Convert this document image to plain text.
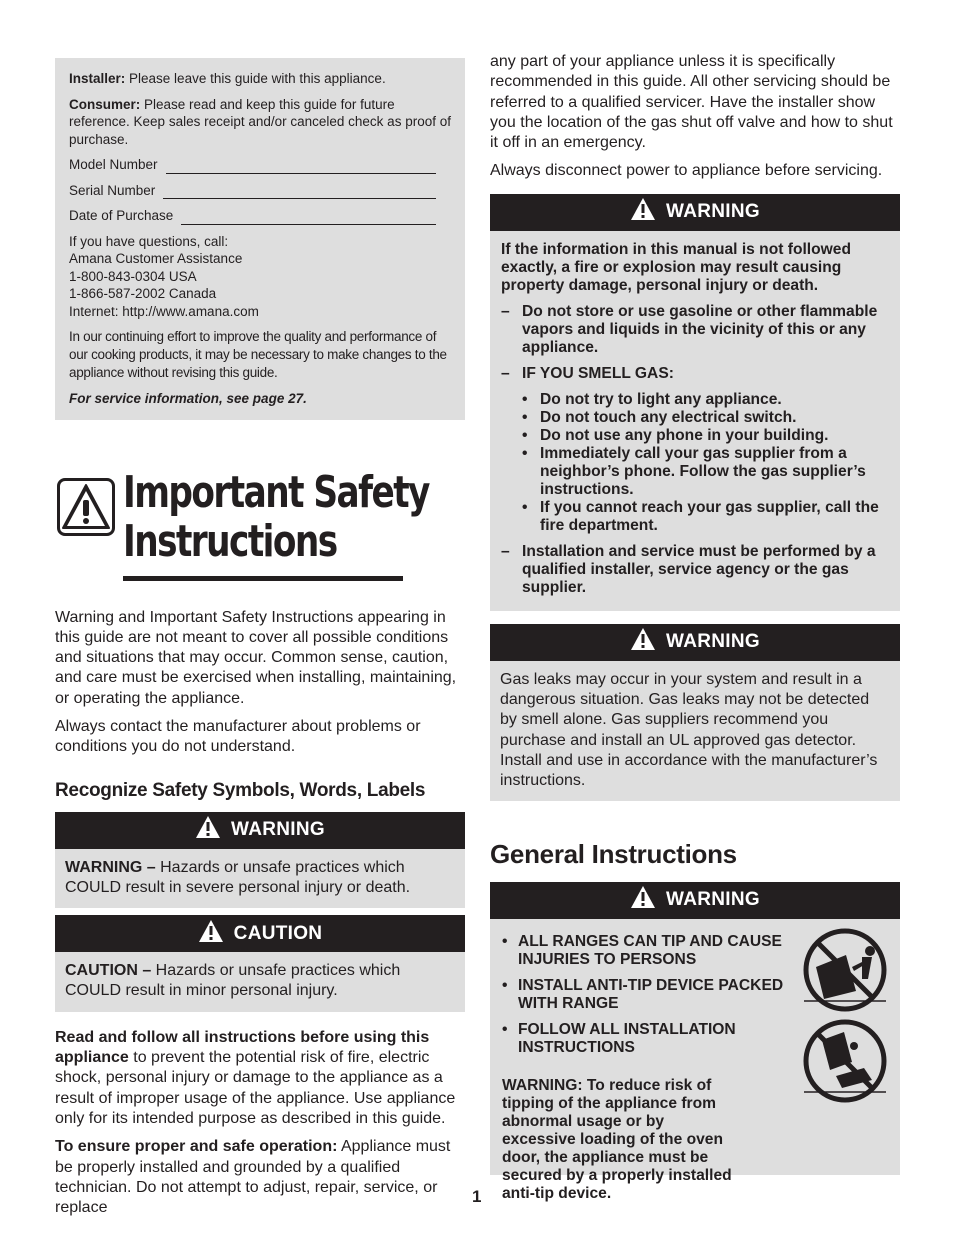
Installer: Please leave this guide with this appliance.

Consumer: Please read and keep this guide for future reference. Keep sales receipt and/or canceled check as proof of purchase.

Model Number
Serial Number
Date of Purchase
If you have questions, call:
Amana Customer Assistance
1-800-843-0304 USA
1-866-587-2002 Canada
Internet: http://www.amana.com

In our continuing effort to improve the quality and performance of our cooking products, it may be necessary to make changes to the appliance without revising this guide.

For service information, see page 27.

Important Safety
Instructions

Warning and Important Safety Instructions appearing in this guide are not meant to cover all possible conditions and situations that may occur. Common sense, caution, and care must be exercised when installing, maintaining, or operating the appliance.

Always contact the manufacturer about problems or conditions you do not understand.

Recognize Safety Symbols, Words, Labels
WARNING
WARNING – Hazards or unsafe practices which COULD result in severe personal injury or death.
CAUTION
CAUTION – Hazards or unsafe practices which COULD result in minor personal injury.

Read and follow all instructions before using this appliance to prevent the potential risk of fire, electric shock, personal injury or damage to the appliance as a result of improper usage of the appliance. Use appliance only for its intended purpose as described in this guide.

To ensure proper and safe operation: Appliance must be properly installed and grounded by a qualified technician. Do not attempt to adjust, repair, service, or replace

any part of your appliance unless it is specifically recommended in this guide. All other servicing should be referred to a qualified servicer. Have the installer show you the location of the gas shut off valve and how to shut it off in an emergency.

Always disconnect power to appliance before servicing.

WARNING
If the information in this manual is not followed exactly, a fire or explosion may result causing property damage, personal injury or death.
– Do not store or use gasoline or other flammable vapors and liquids in the vicinity of this or any appliance.
– IF YOU SMELL GAS:
• Do not try to light any appliance.
• Do not touch any electrical switch.
• Do not use any phone in your building.
• Immediately call your gas supplier from a neighbor’s phone. Follow the gas supplier’s instructions.
• If you cannot reach your gas supplier, call the fire department.
– Installation and service must be performed by a qualified installer, service agency or the gas supplier.
WARNING
Gas leaks may occur in your system and result in a dangerous situation. Gas leaks may not be detected by smell alone. Gas suppliers recommend you purchase and install an UL approved gas detector. Install and use in accordance with the manufacturer’s instructions.
General Instructions
WARNING
• ALL RANGES CAN TIP AND CAUSE INJURIES TO PERSONS
• INSTALL ANTI-TIP DEVICE PACKED WITH RANGE
• FOLLOW ALL INSTALLATION INSTRUCTIONS
WARNING: To reduce risk of tipping of the appliance from abnormal usage or by excessive loading of the oven door, the appliance must be secured by a properly installed anti-tip device.
1
